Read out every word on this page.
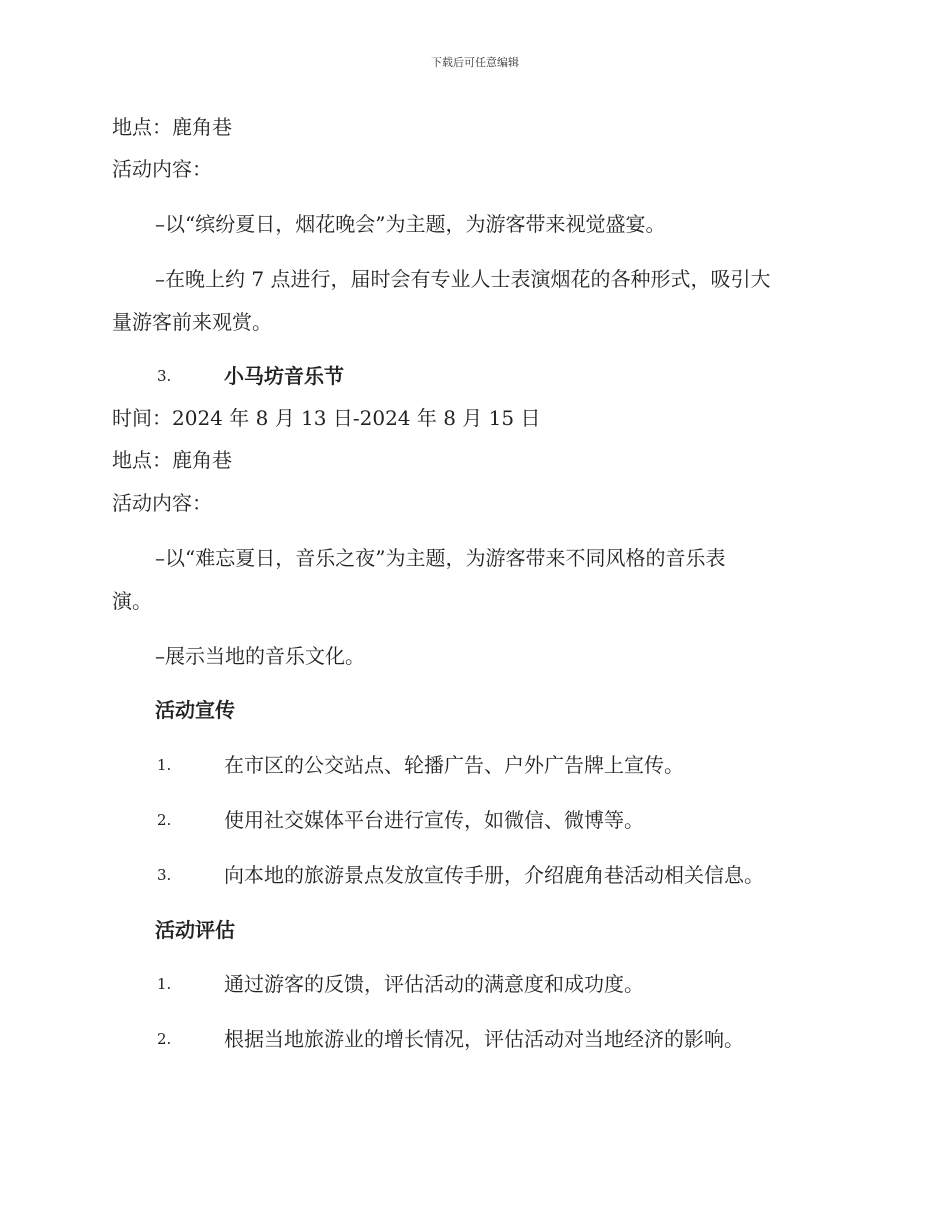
下载后可任意编辑
地点：鹿角巷
活动内容：
–以“缤纷夏日，烟花晚会”为主题，为游客带来视觉盛宴。
–在晚上约 7 点进行，届时会有专业人士表演烟花的各种形式，吸引大
量游客前来观赏。
3.	小马坊音乐节
时间：2024 年 8 月 13 日-2024 年 8 月 15 日
地点：鹿角巷
活动内容：
–以“难忘夏日，音乐之夜”为主题，为游客带来不同风格的音乐表
演。
–展示当地的音乐文化。
活动宣传
1.	在市区的公交站点、轮播广告、户外广告牌上宣传。
2.	使用社交媒体平台进行宣传，如微信、微博等。
3.	向本地的旅游景点发放宣传手册，介绍鹿角巷活动相关信息。
活动评估
1.	通过游客的反馈，评估活动的满意度和成功度。
2.	根据当地旅游业的增长情况，评估活动对当地经济的影响。
